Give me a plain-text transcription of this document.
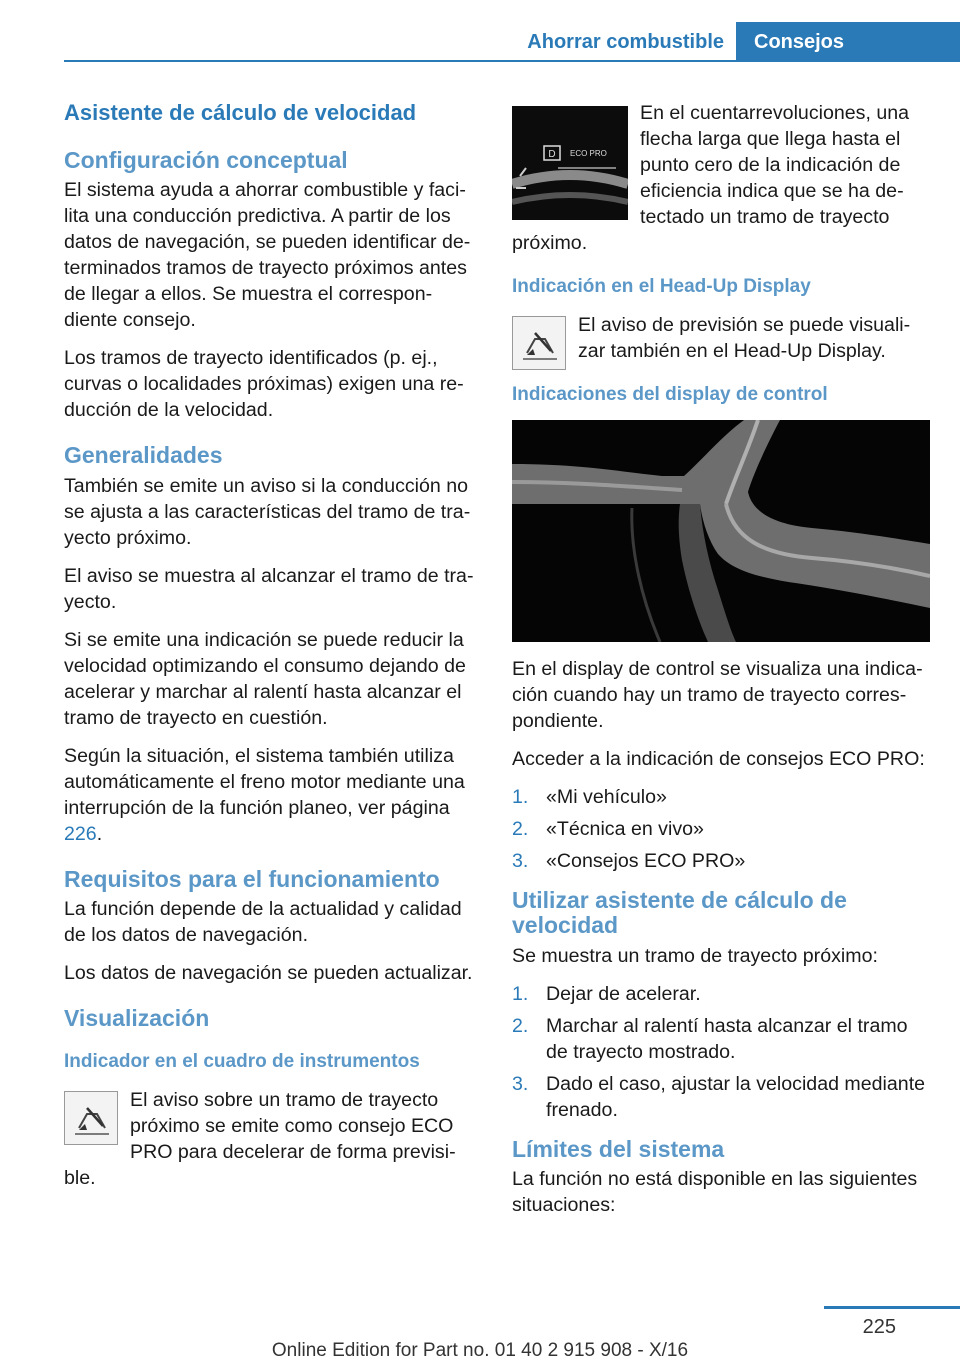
Ahorrar combustible	Consejos
Asistente de cálculo de velocidad
Configuración conceptual

El sistema ayuda a ahorrar combustible y facilita una conducción predictiva. A partir de los datos de navegación, se pueden identificar determinados tramos de trayecto próximos antes de llegar a ellos. Se muestra el correspondiente consejo.

Los tramos de trayecto identificados (p. ej., curvas o localidades próximas) exigen una reducción de la velocidad.

Generalidades

También se emite un aviso si la conducción no se ajusta a las características del tramo de trayecto próximo.

El aviso se muestra al alcanzar el tramo de trayecto.

Si se emite una indicación se puede reducir la velocidad optimizando el consumo dejando de acelerar y marchar al ralentí hasta alcanzar el tramo de trayecto en cuestión.

Según la situación, el sistema también utiliza automáticamente el freno motor mediante una interrupción de la función planeo, ver página 226.

Requisitos para el funcionamiento

La función depende de la actualidad y calidad de los datos de navegación.

Los datos de navegación se pueden actualizar.

Visualización
Indicador en el cuadro de instrumentos

El aviso sobre un tramo de trayecto próximo se emite como consejo ECO PRO para decelerar de forma previsible.

D ECO PRO

En el cuentarrevoluciones, una flecha larga que llega hasta el punto cero de la indicación de eficiencia indica que se ha detectado un tramo de trayecto próximo.

Indicación en el Head-Up Display

El aviso de previsión se puede visualizar también en el Head-Up Display.

Indicaciones del display de control

En el display de control se visualiza una indicación cuando hay un tramo de trayecto correspondiente.

Acceder a la indicación de consejos ECO PRO:

1. «Mi vehículo»
2. «Técnica en vivo»
3. «Consejos ECO PRO»
Utilizar asistente de cálculo de velocidad

Se muestra un tramo de trayecto próximo:

1. Dejar de acelerar.
2. Marchar al ralentí hasta alcanzar el tramo de trayecto mostrado.
3. Dado el caso, ajustar la velocidad mediante frenado.
Límites del sistema

La función no está disponible en las siguientes situaciones:

225
Online Edition for Part no. 01 40 2 915 908 - X/16
